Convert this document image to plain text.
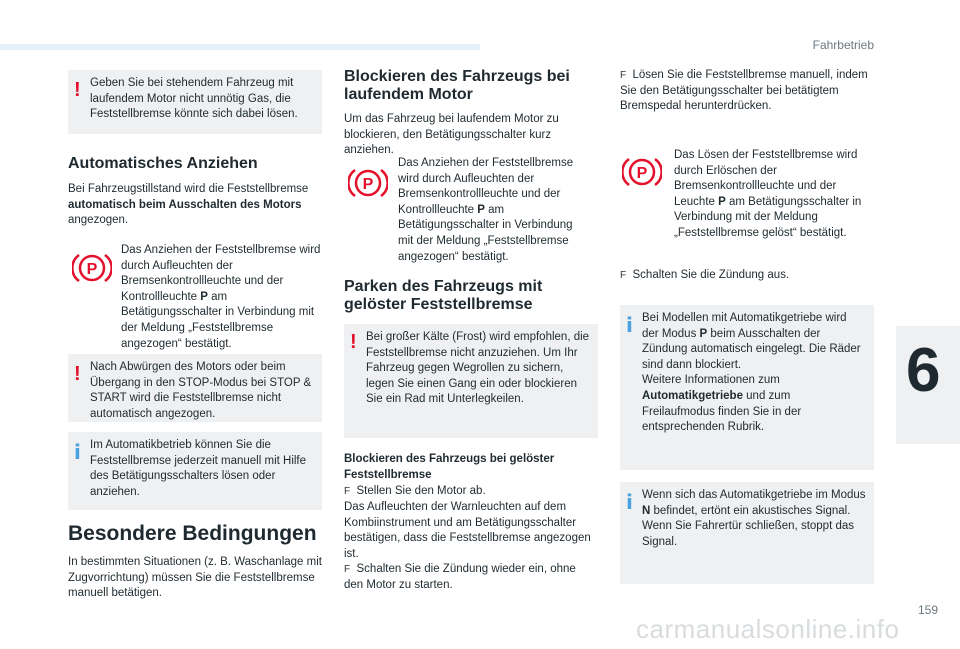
Fahrbetrieb
6
159
carmanualsonline.info
! Geben Sie bei stehendem Fahrzeug mit laufendem Motor nicht unnötig Gas, die Feststellbremse könnte sich dabei lösen.

Automatisches Anziehen

Bei Fahrzeugstillstand wird die Feststellbremse automatisch beim Ausschalten des Motors angezogen.

P

Das Anziehen der Feststellbremse wird durch Aufleuchten der Bremsenkontrollleuchte und der Kontrollleuchte P am Betätigungsschalter in Verbindung mit der Meldung „Feststellbremse angezogen“ bestätigt.

! Nach Abwürgen des Motors oder beim Übergang in den STOP-Modus bei STOP & START wird die Feststellbremse nicht automatisch angezogen.

i Im Automatikbetrieb können Sie die Feststellbremse jederzeit manuell mit Hilfe des Betätigungsschalters lösen oder anziehen.

Besondere Bedingungen

In bestimmten Situationen (z. B. Waschanlage mit Zugvorrichtung) müssen Sie die Feststellbremse manuell betätigen.

Blockieren des Fahrzeugs bei laufendem Motor

Um das Fahrzeug bei laufendem Motor zu blockieren, den Betätigungsschalter kurz anziehen.

P

Das Anziehen der Feststellbremse wird durch Aufleuchten der Bremsenkontrollleuchte und der Kontrollleuchte P am Betätigungsschalter in Verbindung mit der Meldung „Feststellbremse angezogen“ bestätigt.

Parken des Fahrzeugs mit gelöster Feststellbremse
! Bei großer Kälte (Frost) wird empfohlen, die Feststellbremse nicht anzuziehen. Um Ihr Fahrzeug gegen Wegrollen zu sichern, legen Sie einen Gang ein oder blockieren Sie ein Rad mit Unterlegkeilen.

Blockieren des Fahrzeugs bei gelöster Feststellbremse

F Stellen Sie den Motor ab.

Das Aufleuchten der Warnleuchten auf dem Kombiinstrument und am Betätigungsschalter bestätigen, dass die Feststellbremse angezogen ist.

F Schalten Sie die Zündung wieder ein, ohne den Motor zu starten.

F Lösen Sie die Feststellbremse manuell, indem Sie den Betätigungsschalter bei betätigtem Bremspedal herunterdrücken.

P

Das Lösen der Feststellbremse wird durch Erlöschen der Bremsenkontrollleuchte und der Leuchte P am Betätigungsschalter in Verbindung mit der Meldung „Feststellbremse gelöst“ bestätigt.

F Schalten Sie die Zündung aus.

i Bei Modellen mit Automatikgetriebe wird der Modus P beim Ausschalten der Zündung automatisch eingelegt. Die Räder sind dann blockiert.

Weitere Informationen zum Automatikgetriebe und zum Freilaufmodus finden Sie in der entsprechenden Rubrik.

i Wenn sich das Automatikgetriebe im Modus N befindet, ertönt ein akustisches Signal. Wenn Sie Fahrertür schließen, stoppt das Signal.
